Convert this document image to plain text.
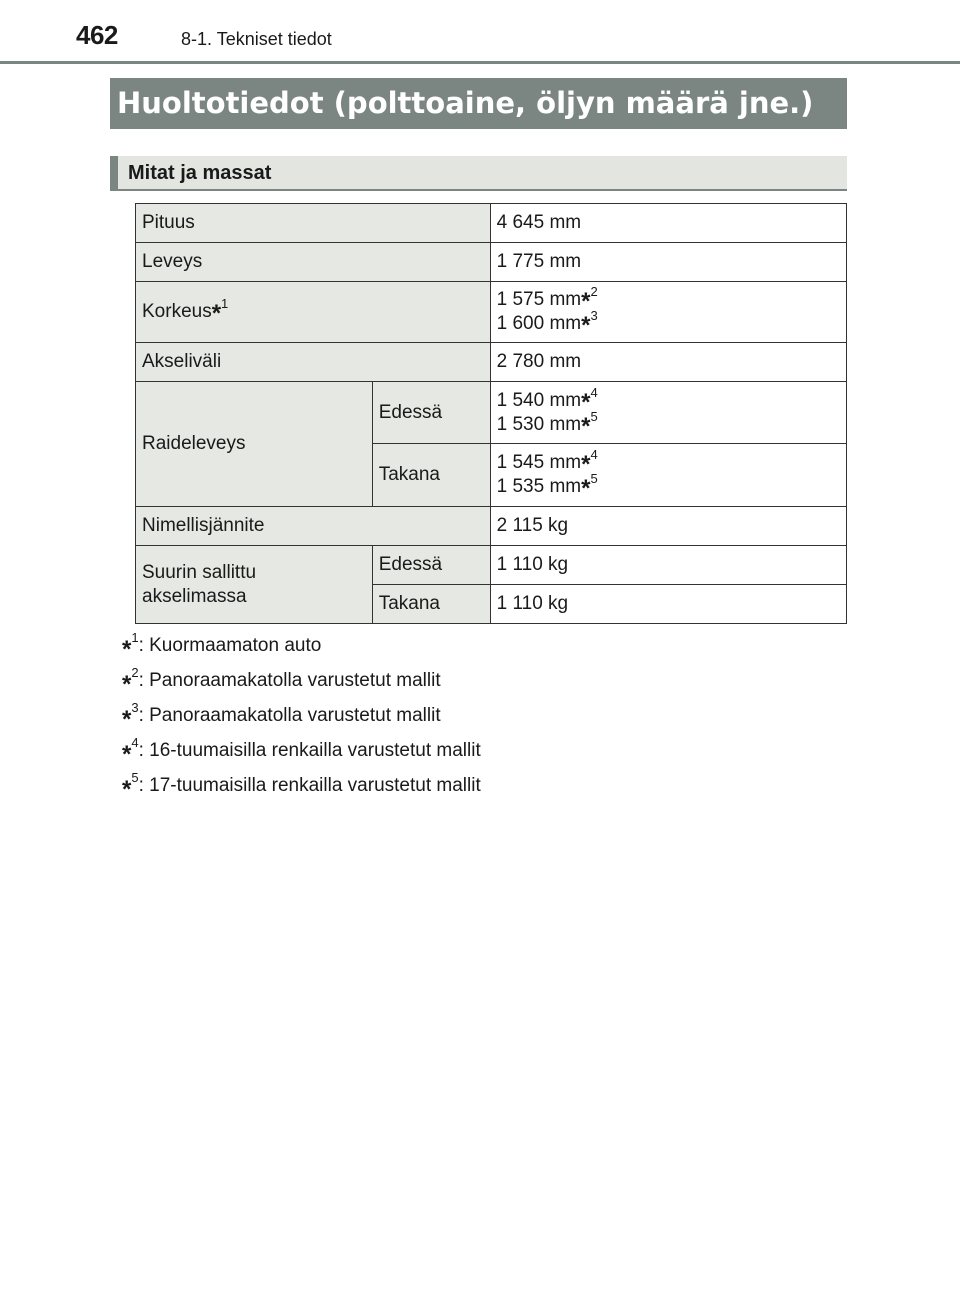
462	8-1. Tekniset tiedot
Huoltotiedot (polttoaine, öljyn määrä jne.)
Mitat ja massat
Pituus		4 645 mm
Leveys		1 775 mm
Korkeus*$^1$		1 575 mm*$^2$
1 600 mm*$^3$

Akseliväli		2 780 mm
Raideleveys	Edessä	1 540 mm*$^4$
1 530 mm*$^5$

	Takana	1 545 mm*$^4$
1 535 mm*$^5$

Nimellisjännite		2 115 kg
Suurin sallittu akselimassa	Edessä	1 110 kg
	Takana	1 110 kg
*$^1$: Kuormaamaton auto
*$^2$: Panoraamakatolla varustetut mallit
*$^3$: Panoraamakatolla varustetut mallit
*$^4$: 16-tuumaisilla renkailla varustetut mallit
*$^5$: 17-tuumaisilla renkailla varustetut mallit
